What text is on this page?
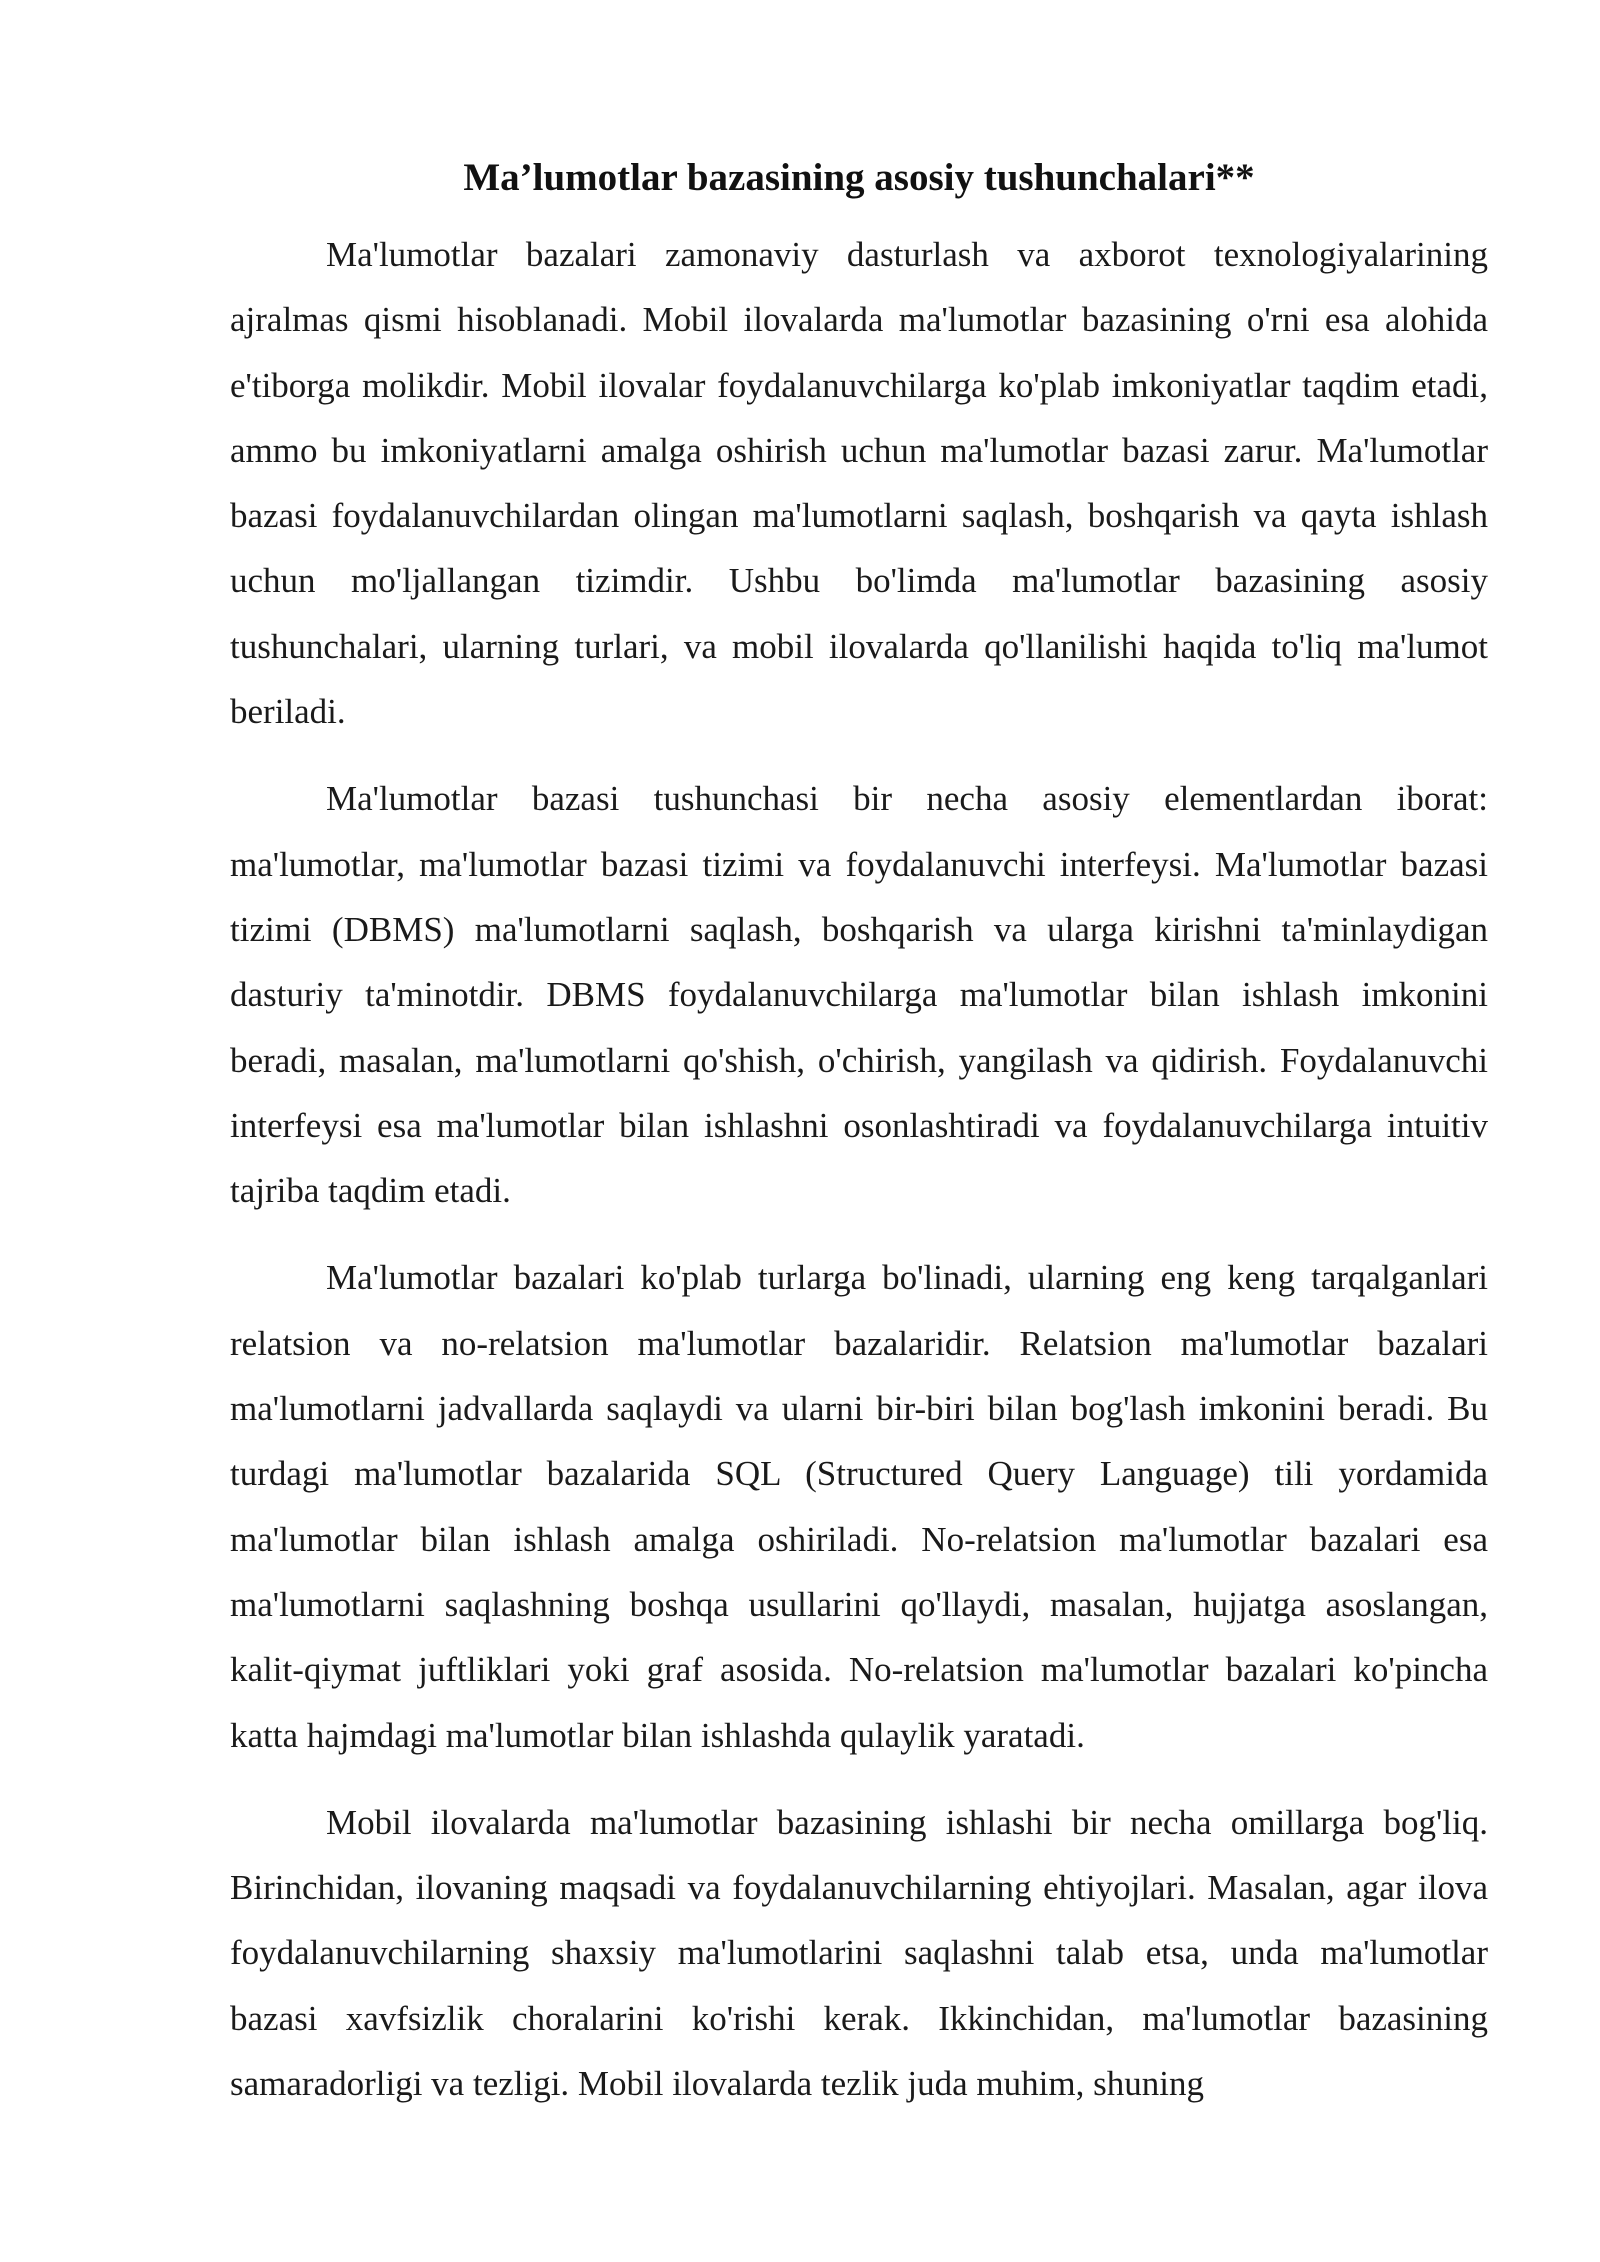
Ma’lumotlar bazasining asosiy tushunchalari**

Ma'lumotlar bazalari zamonaviy dasturlash va axborot texnologiyalarining ajralmas qismi hisoblanadi. Mobil ilovalarda ma'lumotlar bazasining o'rni esa alohida e'tiborga molikdir. Mobil ilovalar foydalanuvchilarga ko'plab imkoniyatlar taqdim etadi, ammo bu imkoniyatlarni amalga oshirish uchun ma'lumotlar bazasi zarur. Ma'lumotlar bazasi foydalanuvchilardan olingan ma'lumotlarni saqlash, boshqarish va qayta ishlash uchun mo'ljallangan tizimdir. Ushbu bo'limda ma'lumotlar bazasining asosiy tushunchalari, ularning turlari, va mobil ilovalarda qo'llanilishi haqida to'liq ma'lumot beriladi.

Ma'lumotlar bazasi tushunchasi bir necha asosiy elementlardan iborat: ma'lumotlar, ma'lumotlar bazasi tizimi va foydalanuvchi interfeysi. Ma'lumotlar bazasi tizimi (DBMS) ma'lumotlarni saqlash, boshqarish va ularga kirishni ta'minlaydigan dasturiy ta'minotdir. DBMS foydalanuvchilarga ma'lumotlar bilan ishlash imkonini beradi, masalan, ma'lumotlarni qo'shish, o'chirish, yangilash va qidirish. Foydalanuvchi interfeysi esa ma'lumotlar bilan ishlashni osonlashtiradi va foydalanuvchilarga intuitiv tajriba taqdim etadi.

Ma'lumotlar bazalari ko'plab turlarga bo'linadi, ularning eng keng tarqalganlari relatsion va no-relatsion ma'lumotlar bazalaridir. Relatsion ma'lumotlar bazalari ma'lumotlarni jadvallarda saqlaydi va ularni bir-biri bilan bog'lash imkonini beradi. Bu turdagi ma'lumotlar bazalarida SQL (Structured Query Language) tili yordamida ma'lumotlar bilan ishlash amalga oshiriladi. No-relatsion ma'lumotlar bazalari esa ma'lumotlarni saqlashning boshqa usullarini qo'llaydi, masalan, hujjatga asoslangan, kalit-qiymat juftliklari yoki graf asosida. No-relatsion ma'lumotlar bazalari ko'pincha katta hajmdagi ma'lumotlar bilan ishlashda qulaylik yaratadi.

Mobil ilovalarda ma'lumotlar bazasining ishlashi bir necha omillarga bog'liq. Birinchidan, ilovaning maqsadi va foydalanuvchilarning ehtiyojlari. Masalan, agar ilova foydalanuvchilarning shaxsiy ma'lumotlarini saqlashni talab etsa, unda ma'lumotlar bazasi xavfsizlik choralarini ko'rishi kerak. Ikkinchidan, ma'lumotlar bazasining samaradorligi va tezligi. Mobil ilovalarda tezlik juda muhim, shuning
